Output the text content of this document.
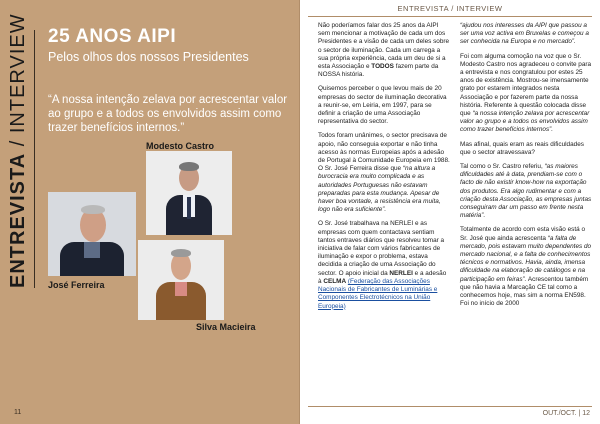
ENTREVISTA / INTERVIEW 25 ANOS AIPI
Pelos olhos dos nossos Presidentes
“A nossa intenção zelava por acrescentar valor ao grupo e a todos os envolvidos assim como trazer benefícios internos.”
Modesto Castro
José Ferreira
Silva Macieira
11
ENTREVISTA / INTERVIEW

Não poderíamos falar dos 25 anos da AIPI sem mencionar a motivação de cada um dos Presidentes e a visão de cada um deles sobre o sector de iluminação. Cada um carrega a sua própria experiência, cada um deu de si a esta Associação e TODOS fazem parte da NOSSA história.

Quisemos perceber o que levou mais de 20 empresas do sector de iluminação decorativa a reunir-se, em Leiria, em 1997, para se definir a criação de uma Associação representativa do sector.

Todos foram unânimes, o sector precisava de apoio, não conseguia exportar e não tinha acesso às normas Europeias após a adesão de Portugal à Comunidade Europeia em 1988. O Sr. José Ferreira disse que “na altura a burocracia era muito complicada e as autoridades Portuguesas não estavam preparadas para esta mudança. Apesar de haver boa vontade, a resistência era muita, logo não era suficiente”.

O Sr. José trabalhava na NERLEI e as empresas com quem contactava sentiam tantos entraves diários que resolveu tomar a iniciativa de falar com vários fabricantes de iluminação e expor o problema, estava decidida a criação de uma Associação do sector. O apoio inicial da NERLEI e a adesão à CELMA (Federação das Associações Nacionais de Fabricantes de Luminárias e Componentes Electrotécnicos na União Europeia)

“ajudou nos interesses da AIPI que passou a ser uma voz activa em Bruxelas e começou a ser conhecida na Europa e no mercado”.

Foi com alguma comoção na voz que o Sr. Modesto Castro nos agradeceu o convite para a entrevista e nos congratulou por estes 25 anos de existência. Mostrou-se imensamente grato por estarem integrados nesta Associação e por fazerem parte da nossa história. Referente à questão colocada disse que “a nossa intenção zelava por acrescentar valor ao grupo e a todos os envolvidos assim como trazer benefícios internos”.

Mas afinal, quais eram as reais dificuldades que o sector atravessava?

Tal como o Sr. Castro referiu, “as maiores dificuldades até à data, prendiam-se com o facto de não existir know-how na exportação dos produtos. Era algo rudimentar e com a criação desta Associação, as empresas juntas conseguiram dar um passo em frente nesta matéria”.

Totalmente de acordo com esta visão está o Sr. José que ainda acrescenta “a falta de mercado, pois estavam muito dependentes do mercado nacional, e a falta de conhecimentos técnicos e normativos. Havia, ainda, imensa dificuldade na elaboração de catálogos e na participação em feiras”. Acrescentou também que não havia a Marcação CE tal como a conhecemos hoje, mas sim a norma EN598. Foi no início de 2000

OUT./OCT. | 12
